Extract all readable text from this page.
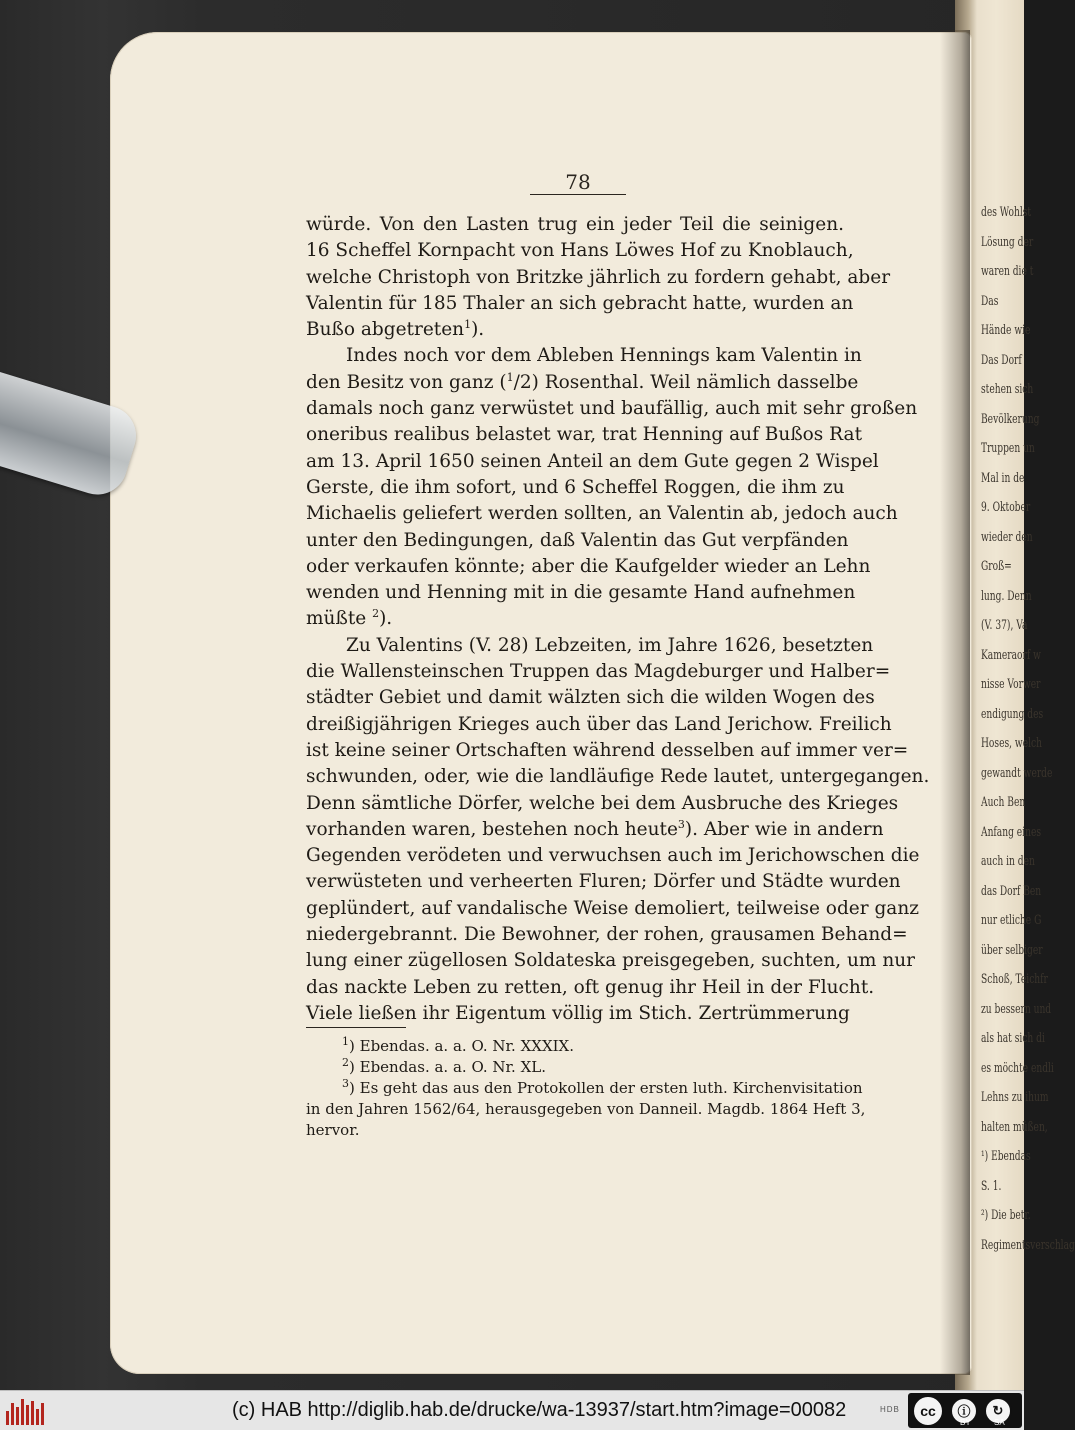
des Wohlst
Lösung der
waren die t
Das
Hände wie
Das Dorf
stehen sich
Bevölkerung
Truppen un
Mal in de
9. Oktober
wieder den
Groß=
lung. Denn
(V. 37), Va
Kameraorf w
nisse Vorwer
endigung des
Hoses, welch
gewandt werde
Auch Ben
Anfang eines
auch in den
das Dorf Ben
nur etliche G
über selbiger
Schoß, Teichfr
zu bessern und
als hat sich di
es möchte endli
Lehns zu ihum
halten müßen,
¹) Ebendas
S. 1.
²) Die betr.
Regimentsverschlag
78
würde. Von den Lasten trug ein jeder Teil die seinigen.
16 Scheffel Kornpacht von Hans Löwes Hof zu Knoblauch,
welche Christoph von Britzke jährlich zu fordern gehabt, aber
Valentin für 185 Thaler an sich gebracht hatte, wurden an
Bußo abgetreten$^1$).
Indes noch vor dem Ableben Hennings kam Valentin in
den Besitz von ganz ($^1$/2) Rosenthal. Weil nämlich dasselbe
damals noch ganz verwüstet und baufällig, auch mit sehr großen
oneribus realibus belastet war, trat Henning auf Bußos Rat
am 13. April 1650 seinen Anteil an dem Gute gegen 2 Wispel
Gerste, die ihm sofort, und 6 Scheffel Roggen, die ihm zu
Michaelis geliefert werden sollten, an Valentin ab, jedoch auch
unter den Bedingungen, daß Valentin das Gut verpfänden
oder verkaufen könnte; aber die Kaufgelder wieder an Lehn
wenden und Henning mit in die gesamte Hand aufnehmen
müßte $^2$).
Zu Valentins (V. 28) Lebzeiten, im Jahre 1626, besetzten
die Wallensteinschen Truppen das Magdeburger und Halber=
städter Gebiet und damit wälzten sich die wilden Wogen des
dreißigjährigen Krieges auch über das Land Jerichow. Freilich
ist keine seiner Ortschaften während desselben auf immer ver=
schwunden, oder, wie die landläufige Rede lautet, untergegangen.
Denn sämtliche Dörfer, welche bei dem Ausbruche des Krieges
vorhanden waren, bestehen noch heute$^3$). Aber wie in andern
Gegenden verödeten und verwuchsen auch im Jerichowschen die
verwüsteten und verheerten Fluren; Dörfer und Städte wurden
geplündert, auf vandalische Weise demoliert, teilweise oder ganz
niedergebrannt. Die Bewohner, der rohen, grausamen Behand=
lung einer zügellosen Soldateska preisgegeben, suchten, um nur
das nackte Leben zu retten, oft genug ihr Heil in der Flucht.
Viele ließen ihr Eigentum völlig im Stich. Zertrümmerung
$^1$) Ebendas. a. a. O. Nr. XXXIX.
$^2$) Ebendas. a. a. O. Nr. XL.
$^3$) Es geht das aus den Protokollen der ersten luth. Kirchenvisitation
in den Jahren 1562/64, herausgegeben von Danneil. Magdb. 1864 Heft 3,
hervor.
(c) HAB http://diglib.hab.de/drucke/wa-13937/start.htm?image=00082	HDB	cc	ⓘ	↻
BY	SA
